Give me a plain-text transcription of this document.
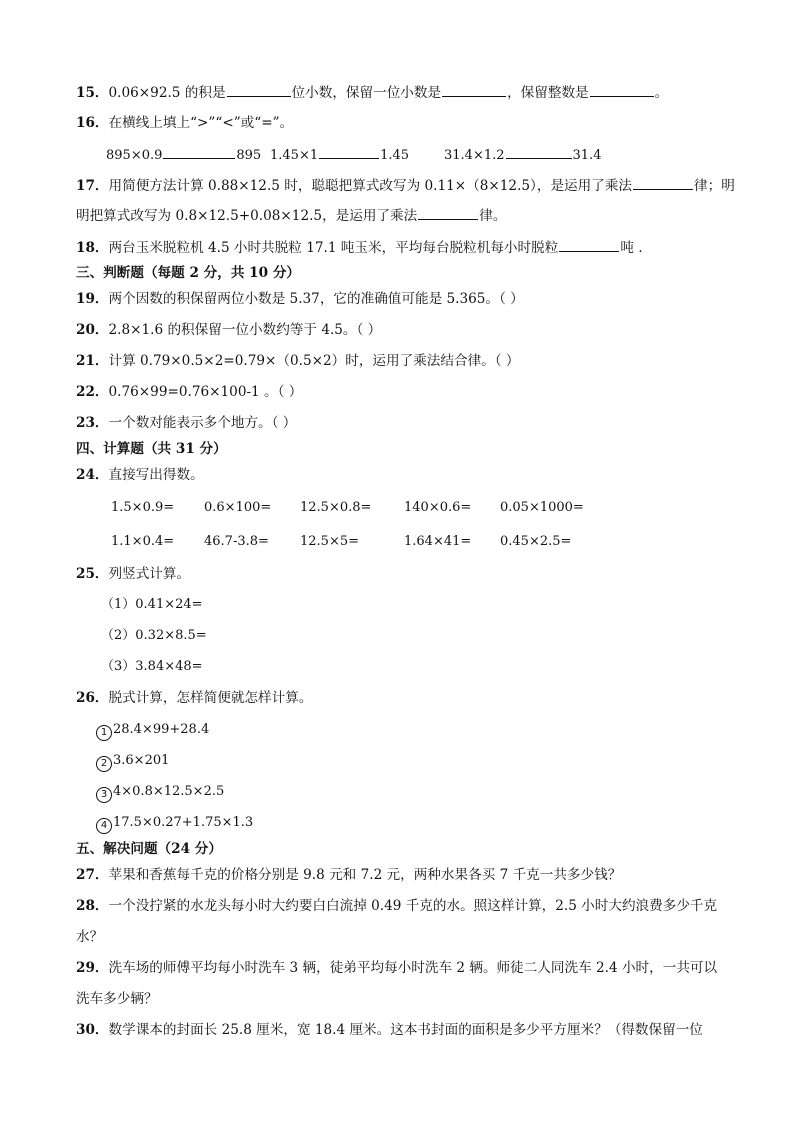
15．0.06×92.5 的积是	位小数，保留一位小数是	，保留整数是	。
16．在横线上填上“>”“<”或“=”。
895×0.9	895 1.45×1	1.45	31.4×1.2	31.4
17．用简便方法计算 0.88×12.5 时，聪聪把算式改写为 0.11×（8×12.5），是运用了乘法	律；明
明把算式改写为 0.8×12.5+0.08×12.5，是运用了乘法	律。
18．两台玉米脱粒机 4.5 小时共脱粒 17.1 吨玉米，平均每台脱粒机每小时脱粒	吨 .
三、判断题（每题 2 分，共 10 分）
19．两个因数的积保留两位小数是 5.37，它的准确值可能是 5.365。（ ）
20．2.8×1.6 的积保留一位小数约等于 4.5。（ ）
21．计算 0.79×0.5×2=0.79×（0.5×2）时，运用了乘法结合律。（ ）
22．0.76×99=0.76×100-1 。（ ）
23．一个数对能表示多个地方。（ ）
四、计算题（共 31 分）
24．直接写出得数。
1.5×0.9= 0.6×100= 12.5×0.8=	140×0.6= 0.05×1000=
1.1×0.4= 46.7-3.8= 12.5×5=	1.64×41= 0.45×2.5=
25．列竖式计算。
（1）0.41×24=
（2）0.32×8.5=
（3）3.84×48=
26．脱式计算，怎样简便就怎样计算。
1 28.4×99+28.4
2 3.6×201
3 4×0.8×12.5×2.5
4 17.5×0.27+1.75×1.3
五、解决问题（24 分）
27．苹果和香蕉每千克的价格分别是 9.8 元和 7.2 元，两种水果各买 7 千克一共多少钱？
28．一个没拧紧的水龙头每小时大约要白白流掉 0.49 千克的水。照这样计算，2.5 小时大约浪费多少千克
水？
29．洗车场的师傅平均每小时洗车 3 辆，徒弟平均每小时洗车 2 辆。师徒二人同洗车 2.4 小时，一共可以
洗车多少辆？
30．数学课本的封面长 25.8 厘米，宽 18.4 厘米。这本书封面的面积是多少平方厘米？（得数保留一位
